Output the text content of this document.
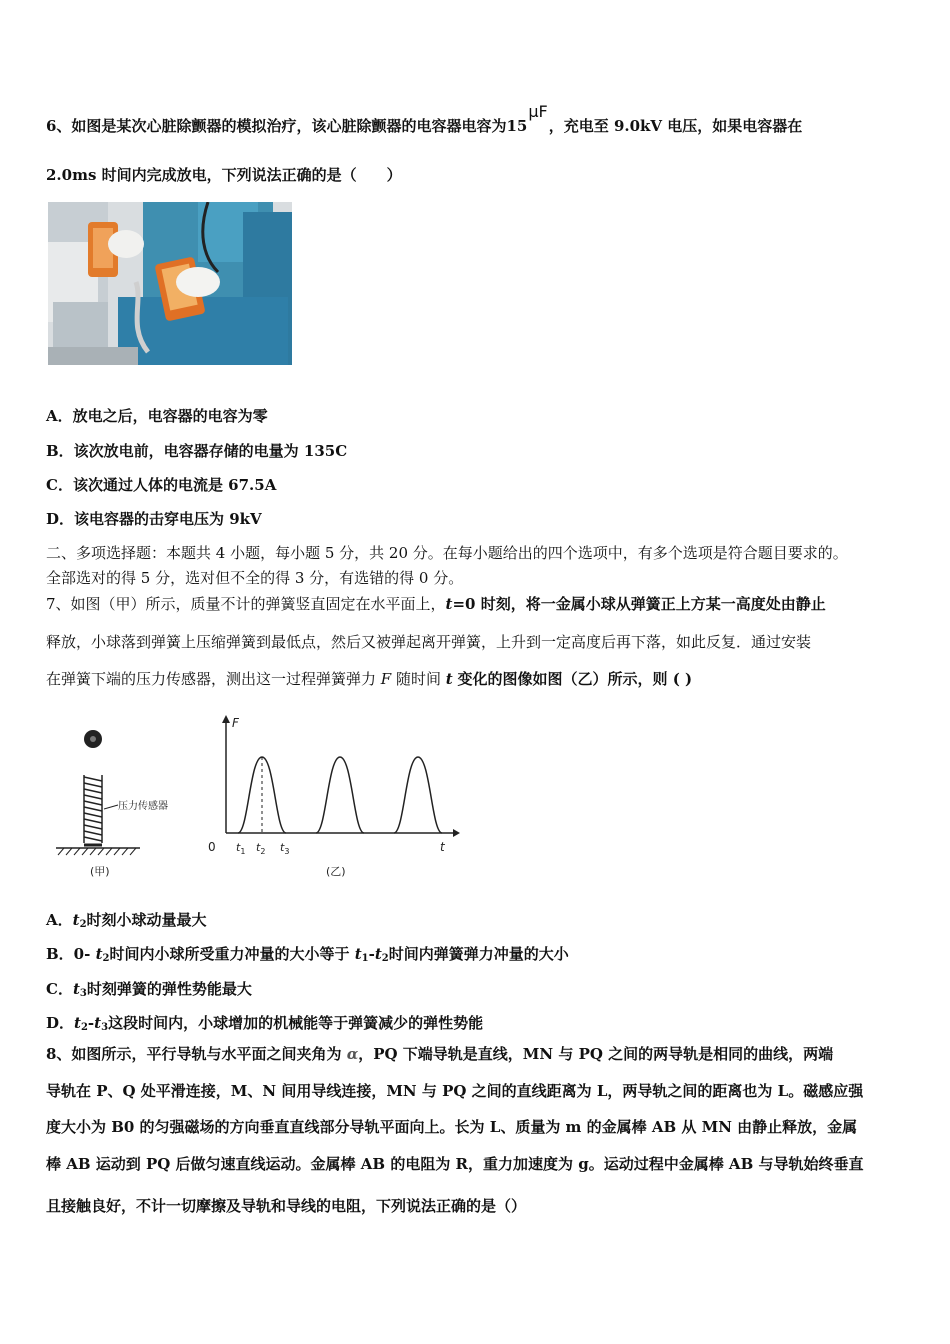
6、如图是某次心脏除颤器的模拟治疗，该心脏除颤器的电容器电容为15μF，充电至 9.0kV 电压，如果电容器在
2.0ms 时间内完成放电，下列说法正确的是（　　）
A．放电之后，电容器的电容为零
B．该次放电前，电容器存储的电量为 135C
C．该次通过人体的电流是 67.5A
D．该电容器的击穿电压为 9kV
二、多项选择题：本题共 4 小题，每小题 5 分，共 20 分。在每小题给出的四个选项中，有多个选项是符合题目要求的。
全部选对的得 5 分，选对但不全的得 3 分，有选错的得 0 分。
7、如图（甲）所示，质量不计的弹簧竖直固定在水平面上，t=0 时刻，将一金属小球从弹簧正上方某一高度处由静止
释放，小球落到弹簧上压缩弹簧到最低点，然后又被弹起离开弹簧，上升到一定高度后再下落，如此反复．通过安装
在弹簧下端的压力传感器，测出这一过程弹簧弹力 F 随时间 t 变化的图像如图（乙）所示，则 ( )
压力传感器
(甲)
F
t
0 $t_1$ $t_2$ $t_3$
(乙)
A．$t_2$时刻小球动量最大
B．0- $t_2$时间内小球所受重力冲量的大小等于 $t_1-t_2$时间内弹簧弹力冲量的大小
C．$t_3$时刻弹簧的弹性势能最大
D．$t_2-t_3$这段时间内，小球增加的机械能等于弹簧减少的弹性势能
8、如图所示，平行导轨与水平面之间夹角为 α，PQ 下端导轨是直线，MN 与 PQ 之间的两导轨是相同的曲线，两端
导轨在 P、Q 处平滑连接，M、N 间用导线连接，MN 与 PQ 之间的直线距离为 L，两导轨之间的距离也为 L。磁感应强
度大小为 B0 的匀强磁场的方向垂直直线部分导轨平面向上。长为 L、质量为 m 的金属棒 AB 从 MN 由静止释放，金属
棒 AB 运动到 PQ 后做匀速直线运动。金属棒 AB 的电阻为 R，重力加速度为 g。运动过程中金属棒 AB 与导轨始终垂直
且接触良好，不计一切摩擦及导轨和导线的电阻，下列说法正确的是（）
